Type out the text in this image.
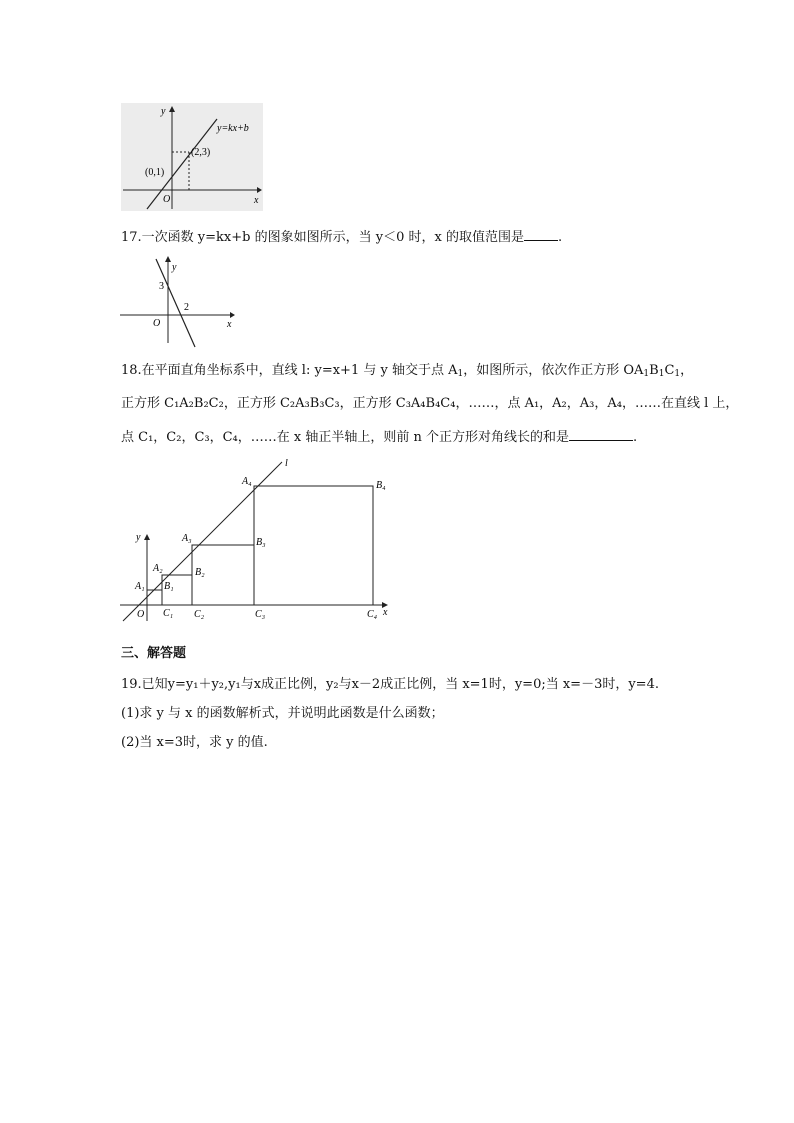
y=kx+b
(2,3)
(0,1)
y
x
O
17.一次函数 y=kx+b 的图象如图所示，当 y＜0 时，x 的取值范围是	.
y
x
O
3
2
18.在平面直角坐标系中，直线 l: y=x+1 与 y 轴交于点 $A_1$，如图所示，依次作正方形 $OA_1B_1C_1$，
正方形 C₁A₂B₂C₂，正方形 C₂A₃B₃C₃，正方形 C₃A₄B₄C₄，……，点 A₁，A₂，A₃，A₄，……在直线 l 上，
点 C₁，C₂，C₃，C₄，……在 x 轴正半轴上，则前 n 个正方形对角线长的和是	.
l
y
x
O
A₁
A₂
A₃
A₄
B₁
B₂
B₃
B₄
C₁ C₂	C₃	C₄
三、解答题
19.已知y=y₁＋y₂,y₁与x成正比例，y₂与x－2成正比例，当 x=1时，y=0;当 x=－3时，y=4.
(1)求 y 与 x 的函数解析式，并说明此函数是什么函数；
(2)当 x=3时，求 y 的值.
